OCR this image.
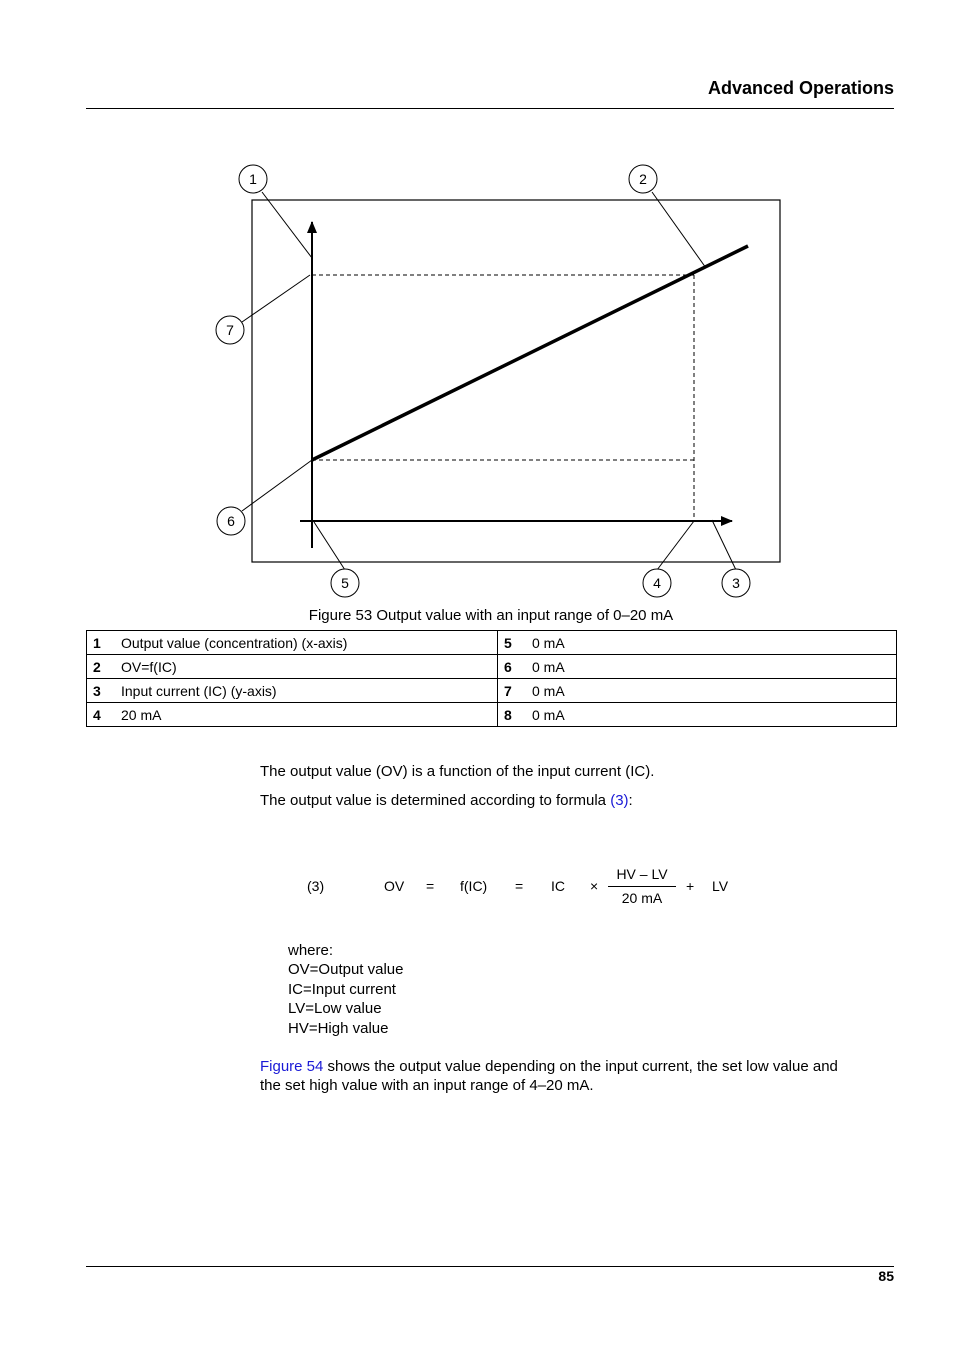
Advanced Operations
1	2
3
4
5
6
7
Figure 53 Output value with an input range of 0–20 mA
1	Output value (concentration) (x-axis)	5	0 mA
2	OV=f(IC)	6	0 mA
3	Input current (IC) (y-axis)	7	0 mA
4	20 mA	8	0 mA
The output value (OV) is a function of the input current (IC).
The output value is determined according to formula (3):
(3)	OV = f(IC) = IC ×
HV – LV
20 mA
+ LV
where:
OV=Output value
IC=Input current
LV=Low value
HV=High value
Figure 54 shows the output value depending on the input current, the set low value and
the set high value with an input range of 4–20 mA.
85
